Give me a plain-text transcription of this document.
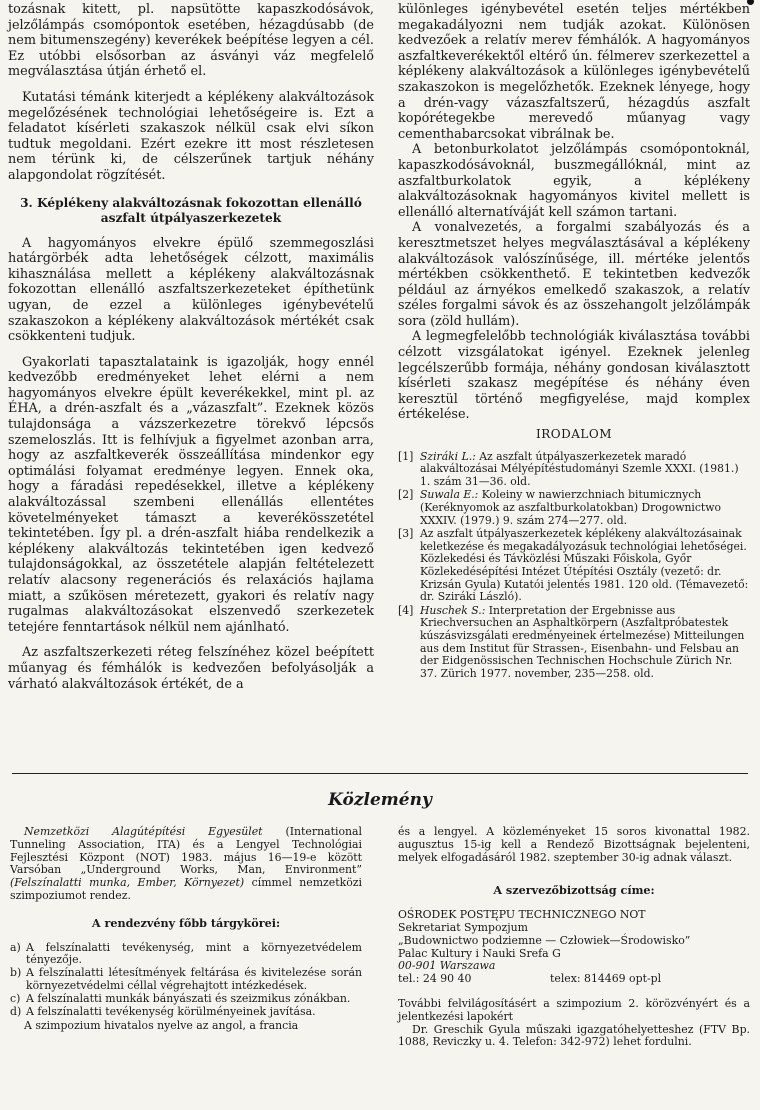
tozásnak kitett, pl. napsütötte kapaszkodósávok, jelzőlámpás csomópontok esetében, hézagdúsabb (de nem bitumenszegény) keverékek beépítése legyen a cél. Ez utóbbi elsősorban az ásványi váz megfelelő megválasztása útján érhető el.

Kutatási témánk kiterjedt a képlékeny alakváltozások megelőzésének technológiai lehetőségeire is. Ezt a feladatot kísérleti szakaszok nélkül csak elvi síkon tudtuk megoldani. Ezért ezekre itt most részletesen nem térünk ki, de célszerűnek tartjuk néhány alapgondolat rögzítését.

3. Képlékeny alakváltozásnak fokozottan ellenálló aszfalt útpályaszerkezetek

A hagyományos elvekre épülő szemmegoszlási határgörbék adta lehetőségek célzott, maximális kihasználása mellett a képlékeny alakváltozásnak fokozottan ellenálló aszfaltszerkezeteket építhetünk ugyan, de ezzel a különleges igénybevételű szakaszokon a képlékeny alakváltozások mértékét csak csökkenteni tudjuk.

Gyakorlati tapasztalataink is igazolják, hogy ennél kedvezőbb eredményeket lehet elérni a nem hagyományos elvekre épült keverékekkel, mint pl. az ÉHA, a drén-aszfalt és a „vázaszfalt”. Ezeknek közös tulajdonsága a vázszerkezetre törekvő lépcsős szemeloszlás. Itt is felhívjuk a figyelmet azonban arra, hogy az aszfaltkeverék összeállítása mindenkor egy optimálási folyamat eredménye legyen. Ennek oka, hogy a fáradási repedésekkel, illetve a képlékeny alakváltozással szembeni ellenállás ellentétes követelményeket támaszt a keverékösszetétel tekintetében. Így pl. a drén-aszfalt hiába rendelkezik a képlékeny alakváltozás tekintetében igen kedvező tulajdonságokkal, az összetétele alapján feltételezett relatív alacsony regenerációs és relaxációs hajlama miatt, a szűkösen méretezett, gyakori és relatív nagy rugalmas alakváltozásokat elszenvedő szerkezetek tetejére fenntartások nélkül nem ajánlható.

Az aszfaltszerkezeti réteg felszínéhez közel beépített műanyag és fémhálók is kedvezően befolyásolják a várható alakváltozások értékét, de a

különleges igénybevétel esetén teljes mértékben megakadályozni nem tudják azokat. Különösen kedvezőek a relatív merev fémhálók. A hagyományos aszfaltkeverékektől eltérő ún. félmerev szerkezettel a képlékeny alakváltozások a különleges igénybevételű szakaszokon is megelőzhetők. Ezeknek lényege, hogy a drén-vagy vázaszfaltszerű, hézagdús aszfalt kopórétegekbe merevedő műanyag vagy cementhabarcsokat vibrálnak be.

A betonburkolatot jelzőlámpás csomópontoknál, kapaszkodósávoknál, buszmegállóknál, mint az aszfaltburkolatok egyik, a képlékeny alakváltozásoknak hagyományos kivitel mellett is ellenálló alternatíváját kell számon tartani.

A vonalvezetés, a forgalmi szabályozás és a keresztmetszet helyes megválasztásával a képlékeny alakváltozások valószínűsége, ill. mértéke jelentős mértékben csökkenthető. E tekintetben kedvezők például az árnyékos emelkedő szakaszok, a relatív széles forgalmi sávok és az összehangolt jelzőlámpák sora (zöld hullám).

A legmegfelelőbb technológiák kiválasztása további célzott vizsgálatokat igényel. Ezeknek jelenleg legcélszerűbb formája, néhány gondosan kiválasztott kísérleti szakasz megépítése és néhány éven keresztül történő megfigyelése, majd komplex értékelése.

IRODALOM
[1] Sziráki L.: Az aszfalt útpályaszerkezetek maradó alakváltozásai Mélyépítéstudományi Szemle XXXI. (1981.) 1. szám 31—36. old.
[2] Suwala E.: Koleiny w nawierzchniach bitumicznych (Keréknyomok az aszfaltburkolatokban) Drogownictwo XXXIV. (1979.) 9. szám 274—277. old.
[3] Az aszfalt útpályaszerkezetek képlékeny alakváltozásainak keletkezése és megakadályozásuk technológiai lehetőségei. Közlekedési és Távközlési Műszaki Főiskola, Győr Közlekedésépítési Intézet Útépítési Osztály (vezető: dr. Krizsán Gyula) Kutatói jelentés 1981. 120 old. (Témavezető: dr. Sziráki László).
[4] Huschek S.: Interpretation der Ergebnisse aus Kriechversuchen an Asphaltkörpern (Aszfaltpróbatestek kúszásvizsgálati eredményeinek értelmezése) Mitteilungen aus dem Institut für Strassen-, Eisenbahn- und Felsbau an der Eidgenössischen Technischen Hochschule Zürich Nr. 37. Zürich 1977. november, 235—258. old.
Közlemény

Nemzetközi Alagútépítési Egyesület (International Tunneling Association, ITA) és a Lengyel Technológiai Fejlesztési Központ (NOT) 1983. május 16—19-e között Varsóban „Underground Works, Man, Environment” (Felszínalatti munka, Ember, Környezet) címmel nemzetközi szimpoziumot rendez.

A rendezvény főbb tárgykörei:
a) A felszínalatti tevékenység, mint a környezetvédelem tényezője.
b) A felszínalatti létesítmények feltárása és kivitelezése során környezetvédelmi céllal végrehajtott intézkedések.
c) A felszínalatti munkák bányászati és szeizmikus zónákban.
d) A felszínalatti tevékenység körülményeinek javítása.

A szimpozium hivatalos nyelve az angol, a francia

és a lengyel. A közleményeket 15 soros kivonattal 1982. augusztus 15-ig kell a Rendező Bizottságnak bejelenteni, melyek elfogadásáról 1982. szeptember 30-ig adnak választ.

A szervezőbizottság címe:
OŚRODEK POSTĘPU TECHNICZNEGO NOT
Sekretariat Sympozjum
„Budownictwo podziemne — Człowiek—Środowisko”
Palac Kultury i Nauki Srefa G
00-901 Warszawa
tel.: 24 90 40	telex: 814469 opt-pl

További felvilágosításért a szimpozium 2. körözvényért és a jelentkezési lapokért

Dr. Greschik Gyula műszaki igazgatóhelyetteshez (FTV Bp. 1088, Reviczky u. 4. Telefon: 342-972) lehet fordulni.
